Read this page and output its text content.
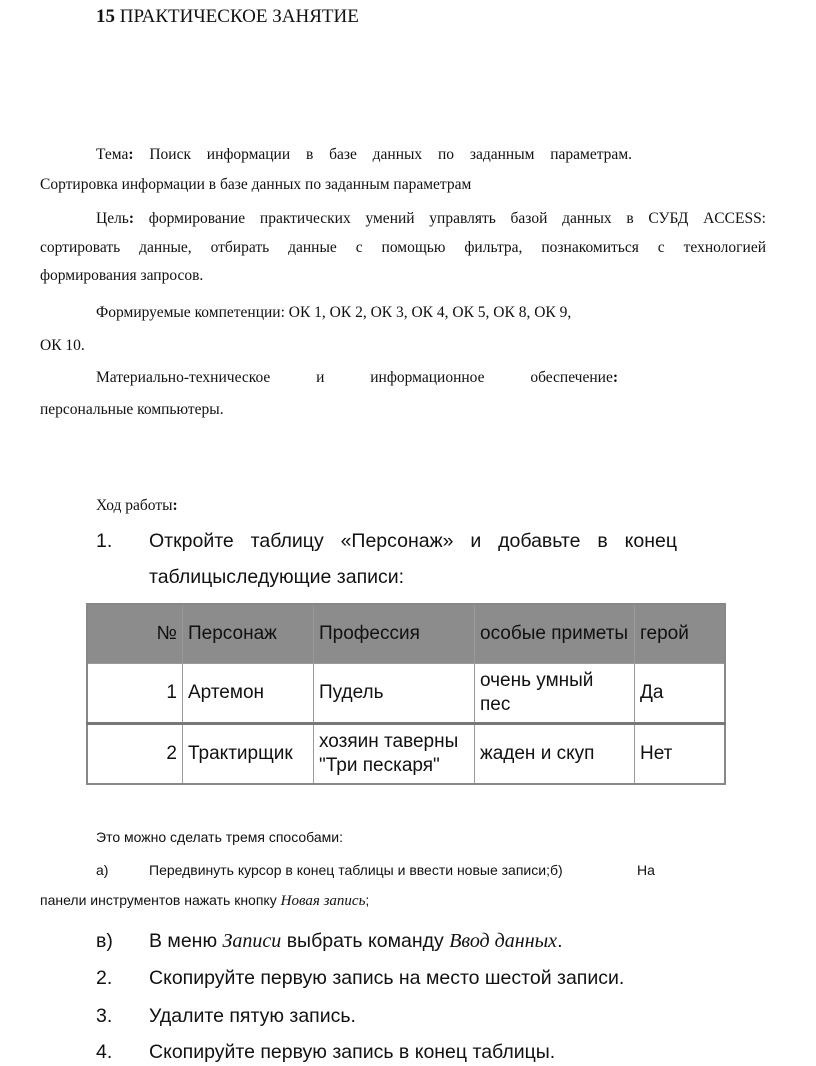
15 ПРАКТИЧЕСКОЕ ЗАНЯТИЕ
Тема: Поиск информации в базе данных по заданным параметрам.
Сортировка информации в базе данных по заданным параметрам
Цель: формирование практических умений управлять базой данных в СУБД ACCESS:
сортировать данные, отбирать данные с помощью фильтра, познакомиться с технологией
формирования запросов.
Формируемые компетенции: ОК 1, ОК 2, ОК 3, ОК 4, ОК 5, ОК 8, ОК 9,
ОК 10.
Материально-техническое и информационное обеспечение:
персональные компьютеры.
Ход работы:
1. Откройте таблицу «Персонаж» и добавьте в конец
таблицыследующие записи:
№	Персонаж	Профессия	особые приметы	герой
1	Артемон	Пудель	очень умный пес	Да
2	Трактирщик	хозяин таверны "Три пескаря"	жаден и скуп	Нет
Это можно сделать тремя способами:
а)	Передвинуть курсор в конец таблицы и ввести новые записи;б)	На
панели инструментов нажать кнопку Новая запись;
в) В меню Записи выбрать команду Ввод данных.
2. Скопируйте первую запись на место шестой записи.
3. Удалите пятую запись.
4. Скопируйте первую запись в конец таблицы.
